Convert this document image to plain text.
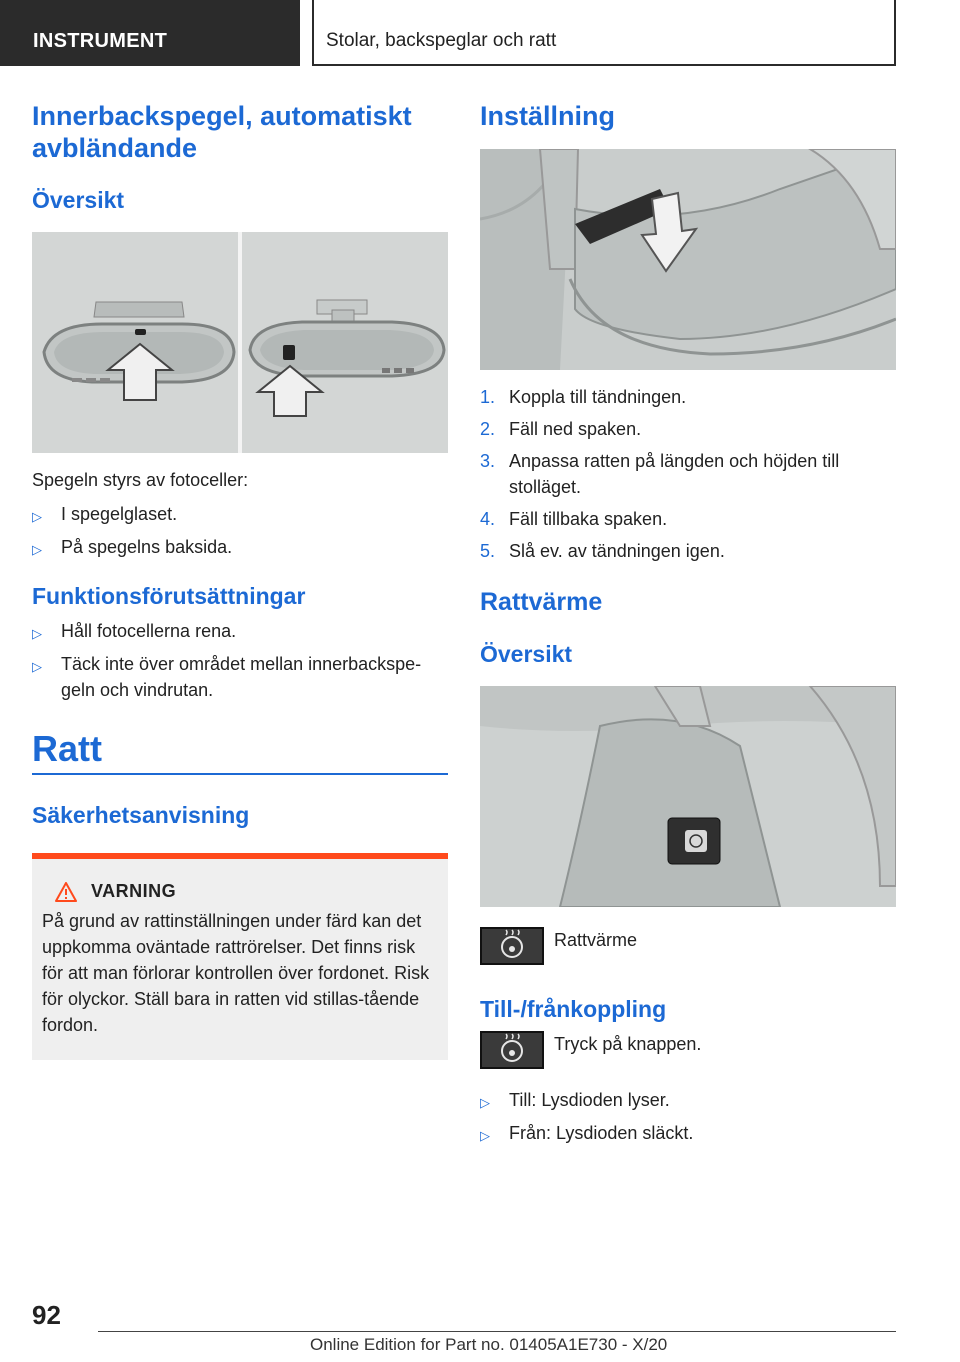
INSTRUMENT	Stolar, backspeglar och ratt
Innerbackspegel, automatiskt avbländande
Översikt

Spegeln styrs av fotoceller:

▷ I spegelglaset.
▷ På spegelns baksida.
Funktionsförutsättningar
▷ Håll fotocellerna rena.
▷ Täck inte över området mellan innerbackspe-geln och vindrutan.
Ratt
Säkerhetsanvisning
VARNING

På grund av rattinställningen under färd kan det uppkomma oväntade rattrörelser. Det finns risk för att man förlorar kontrollen över fordonet. Risk för olyckor. Ställ bara in ratten vid stillas-tående fordon.

Inställning
1. Koppla till tändningen.
2. Fäll ned spaken.
3. Anpassa ratten på längden och höjden till stolläget.
4. Fäll tillbaka spaken.
5. Slå ev. av tändningen igen.
Rattvärme
Översikt
Rattvärme
Till-/frånkoppling
Tryck på knappen.
▷ Till: Lysdioden lyser.
▷ Från: Lysdioden släckt.
92
Online Edition for Part no. 01405A1E730 - X/20
